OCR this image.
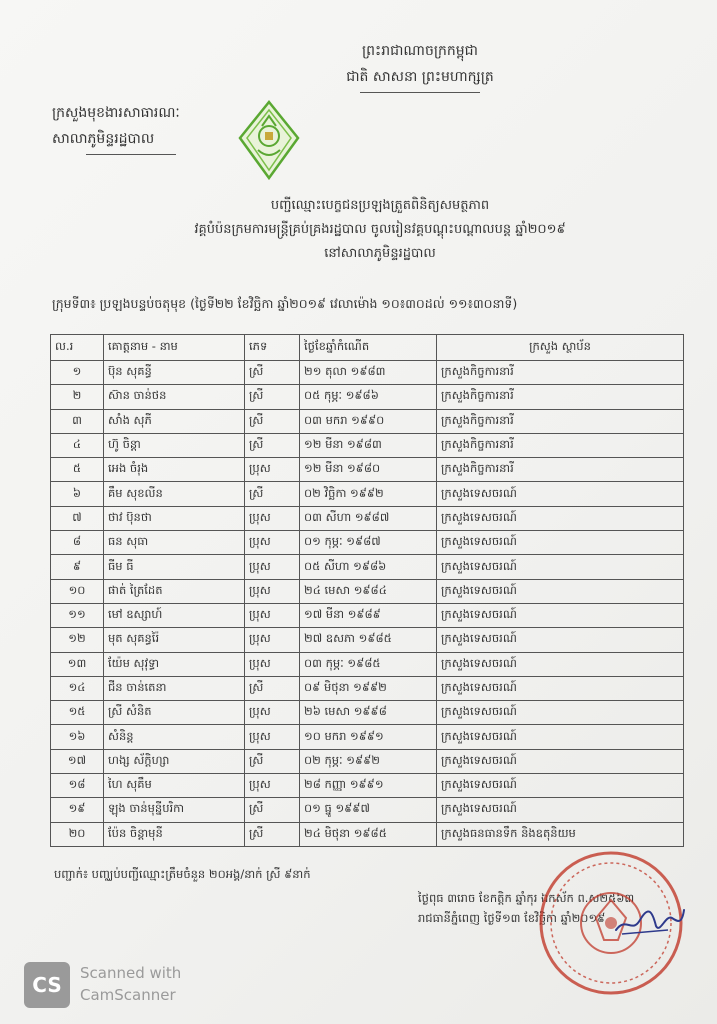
ព្រះរាជាណាចក្រកម្ពុជា
ជាតិ សាសនា ព្រះមហាក្សត្រ
ក្រសួងមុខងារសាធារណៈ
សាលាភូមិន្ទរដ្ឋបាល
បញ្ជីឈ្មោះបេក្ខជនប្រឡងត្រួតពិនិត្យសមត្ថភាព
វគ្គបំប៉នក្រមការមន្ត្រីគ្រប់គ្រងរដ្ឋបាល ចូលរៀនវគ្គបណ្តុះបណ្តាលបន្ត ឆ្នាំ២០១៩
នៅសាលាភូមិន្ទរដ្ឋបាល
ក្រុមទី៣៖ ប្រឡងបន្ទប់ចតុមុខ (ថ្ងៃទី២២ ខែវិច្ឆិកា ឆ្នាំ២០១៩ វេលាម៉ោង ១០៖៣០ដល់ ១១៖៣០នាទី)
ល.រ	គោត្តនាម - នាម	ភេទ	ថ្ងៃខែឆ្នាំកំណើត	ក្រសួង ស្ថាប័ន
១	ប៊ុន សុគន្ធី	ស្រី	២១ តុលា ១៩៨៣	ក្រសួងកិច្ចការនារី
២	ស៊ាន ចាន់ថន	ស្រី	០៥ កុម្ភៈ ១៩៨៦	ក្រសួងកិច្ចការនារី
៣	សាំង សុភី	ស្រី	០៣ មករា ១៩៩០	ក្រសួងកិច្ចការនារី
៤	ហ៊ូ ចិន្តា	ស្រី	១២ មីនា ១៩៨៣	ក្រសួងកិច្ចការនារី
៥	អេង ចំរុង	ប្រុស	១២ មីនា ១៩៨០	ក្រសួងកិច្ចការនារី
៦	គឹម សុខលីន	ស្រី	០២ វិច្ឆិកា ១៩៩២	ក្រសួងទេសចរណ៍
៧	ថាវ ប៊ុនថា	ប្រុស	០៣ សីហា ១៩៨៧	ក្រសួងទេសចរណ៍
៨	ធន សុធា	ប្រុស	០១ កុម្ភៈ ១៩៨៧	ក្រសួងទេសចរណ៍
៩	ធីម ធី	ប្រុស	០៥ សីហា ១៩៨៦	ក្រសួងទេសចរណ៍
១០	ផាត់ ត្រៃដែត	ប្រុស	២៤ មេសា ១៩៨៤	ក្រសួងទេសចរណ៍
១១	មៅ ឧស្សាហ៍	ប្រុស	១៧ មីនា ១៩៨៩	ក្រសួងទេសចរណ៍
១២	មុត សុគន្ធរ៉ៃ	ប្រុស	២៧ ឧសភា ១៩៨៥	ក្រសួងទេសចរណ៍
១៣	យ៉ែម សុវុទ្ធា	ប្រុស	០៣ កុម្ភៈ ១៩៨៥	ក្រសួងទេសចរណ៍
១៤	ជីន ចាន់តេនា	ស្រី	០៩ មិថុនា ១៩៩២	ក្រសួងទេសចរណ៍
១៥	ស្រី សំនិត	ប្រុស	២៦ មេសា ១៩៩៨	ក្រសួងទេសចរណ៍
១៦	សំនិន្ត	ប្រុស	១០ មករា ១៩៩១	ក្រសួងទេសចរណ៍
១៧	ហង្ស ស័ក្តិហ្សា	ស្រី	០២ កុម្ភៈ ១៩៩២	ក្រសួងទេសចរណ៍
១៨	ហៃ សុគឹម	ប្រុស	២៨ កញ្ញា ១៩៩១	ក្រសួងទេសចរណ៍
១៩	ឡុង ចាន់មុន្នីបរិកា	ស្រី	០១ ធ្នូ ១៩៩៧	ក្រសួងទេសចរណ៍
២០	ប៉ែន ចិន្តាមុនី	ស្រី	២៤ មិថុនា ១៩៨៥	ក្រសួងធនធានទឹក និងឧតុនិយម
បញ្ជាក់៖ បញ្ឈប់បញ្ជីឈ្មោះត្រឹមចំនួន ២០អង្គ/នាក់ ស្រី ៩នាក់
ថ្ងៃពុធ ៣រោច ខែកត្តិក ឆ្នាំកុរ ឯកស័ក ព.ស២៥៦៣
រាជធានីភ្នំពេញ ថ្ងៃទី១៣ ខែវិច្ឆិកា ឆ្នាំ២០១៩
CS	Scanned with
CamScanner
